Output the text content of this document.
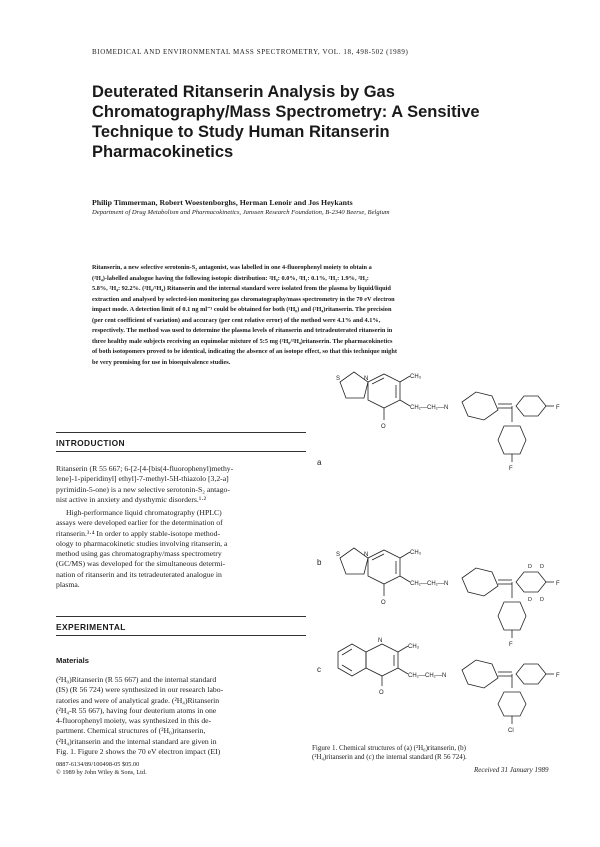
BIOMEDICAL AND ENVIRONMENTAL MASS SPECTROMETRY, VOL. 18, 498-502 (1989)
Deuterated Ritanserin Analysis by Gas
Chromatography/Mass Spectrometry: A Sensitive
Technique to Study Human Ritanserin
Pharmacokinetics
Philip Timmerman, Robert Woestenborghs, Herman Lenoir and Jos Heykants
Department of Drug Metabolism and Pharmacokinetics, Janssen Research Foundation, B-2340 Beerse, Belgium
Ritanserin, a new selective serotonin-S₂ antagonist, was labelled in one 4-fluorophenyl moiety to obtain a
(²H₄)-labelled analogue having the following isotopic distribution: ²H₀: 0.0%, ²H₁: 0.1%, ²H₂: 1.9%, ²H₃:
5.8%, ²H₄: 92.2%. (²H₀/²H₄) Ritanserin and the internal standard were isolated from the plasma by liquid/liquid
extraction and analysed by selected-ion monitoring gas chromatography/mass spectrometry in the 70 eV electron
impact mode. A detection limit of 0.1 ng ml⁻¹ could be obtained for both (²H₀) and (²H₄)ritanserin. The precision
(per cent coefficient of variation) and accuracy (per cent relative error) of the method were 4.1% and 4.1%,
respectively. The method was used to determine the plasma levels of ritanserin and tetradeuterated ritanserin in
three healthy male subjects receiving an equimolar mixture of 5:5 mg (²H₀/²H₄)ritanserin. The pharmacokinetics
of both isotopomers proved to be identical, indicating the absence of an isotope effect, so that this technique might
be very promising for use in bioequivalence studies.
INTRODUCTION
Ritanserin (R 55 667; 6-[2-[4-[bis(4-fluorophenyl)methy-
lene]-1-piperidinyl] ethyl]-7-methyl-5H-thiazolo [3,2-a]
pyrimidin-5-one) is a new selective serotonin-S₂ antago-
nist active in anxiety and dysthymic disorders.¹·²
High-performance liquid chromatography (HPLC)
assays were developed earlier for the determination of
ritanserin.³·⁴ In order to apply stable-isotope method-
ology to pharmacokinetic studies involving ritanserin, a
method using gas chromatography/mass spectrometry
(GC/MS) was developed for the simultaneous determi-
nation of ritanserin and its tetradeuterated analogue in
plasma.
EXPERIMENTAL
Materials
(²H₀)Ritanserin (R 55 667) and the internal standard
(IS) (R 56 724) were synthesized in our research labo-
ratories and were of analytical grade. (²H₄)Ritanserin
(²H₄-R 55 667), having four deuterium atoms in one
4-fluorophenyl moiety, was synthesized in this de-
partment. Chemical structures of (²H₀)ritanserin,
(²H₄)ritanserin and the internal standard are given in
Fig. 1. Figure 2 shows the 70 eV electron impact (EI)
0887-6134/89/100498-05 $05.00
© 1989 by John Wiley & Sons, Ltd.
a
S	N	CH₃
O
CH₂—CH₂—N	F
F
b
S	N	CH₃
O
CH₂—CH₂—N	F
D D
D D
F
c
N
CH₃
O
CH₂—CH₂—N	F
Cl
Figure 1. Chemical structures of (a) (²H₀)ritanserin, (b)
(²H₄)ritanserin and (c) the internal standard (R 56 724).
Received 31 January 1989
